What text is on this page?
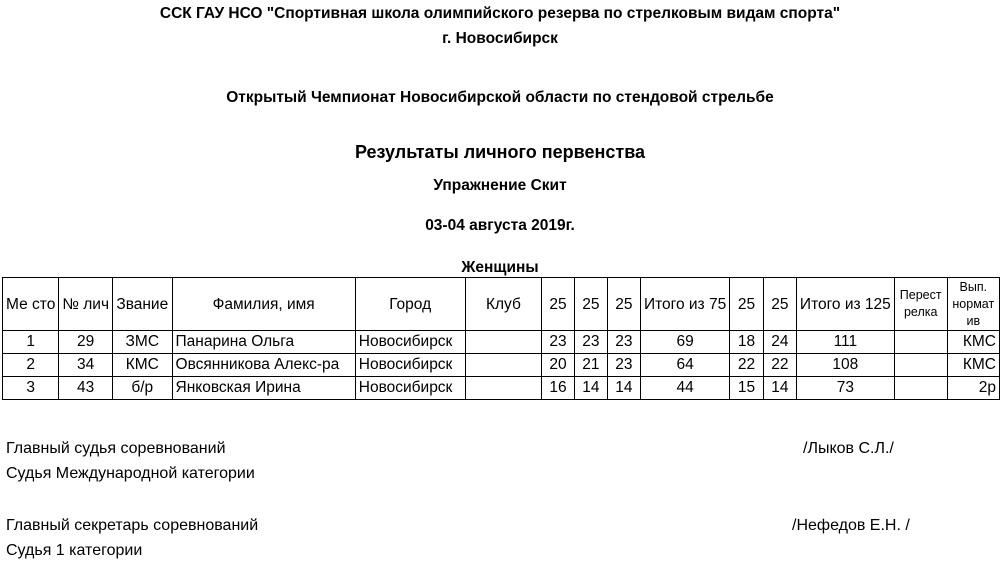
ССК ГАУ НСО "Спортивная школа олимпийского резерва по стрелковым видам спорта"
г. Новосибирск
Открытый Чемпионат Новосибирской области по стендовой стрельбе
Результаты личного первенства
Упражнение Скит
03-04 августа 2019г.
Женщины
Ме сто	№ лич	Звание	Фамилия, имя	Город	Клуб	25	25	25	Итого из 75	25	25	Итого из 125	Перест релка	Вып. нормат ив
1	29	ЗМС	Панарина Ольга	Новосибирск		23	23	23	69	18	24	111		КМС
2	34	КМС	Овсянникова Алекс-ра	Новосибирск		20	21	23	64	22	22	108		КМС
3	43	б/р	Янковская Ирина	Новосибирск		16	14	14	44	15	14	73		2р
Главный судья соревнований	/Лыков С.Л./
Судья Международной категории
Главный секретарь соревнований	/Нефедов Е.Н. /
Судья 1 категории
